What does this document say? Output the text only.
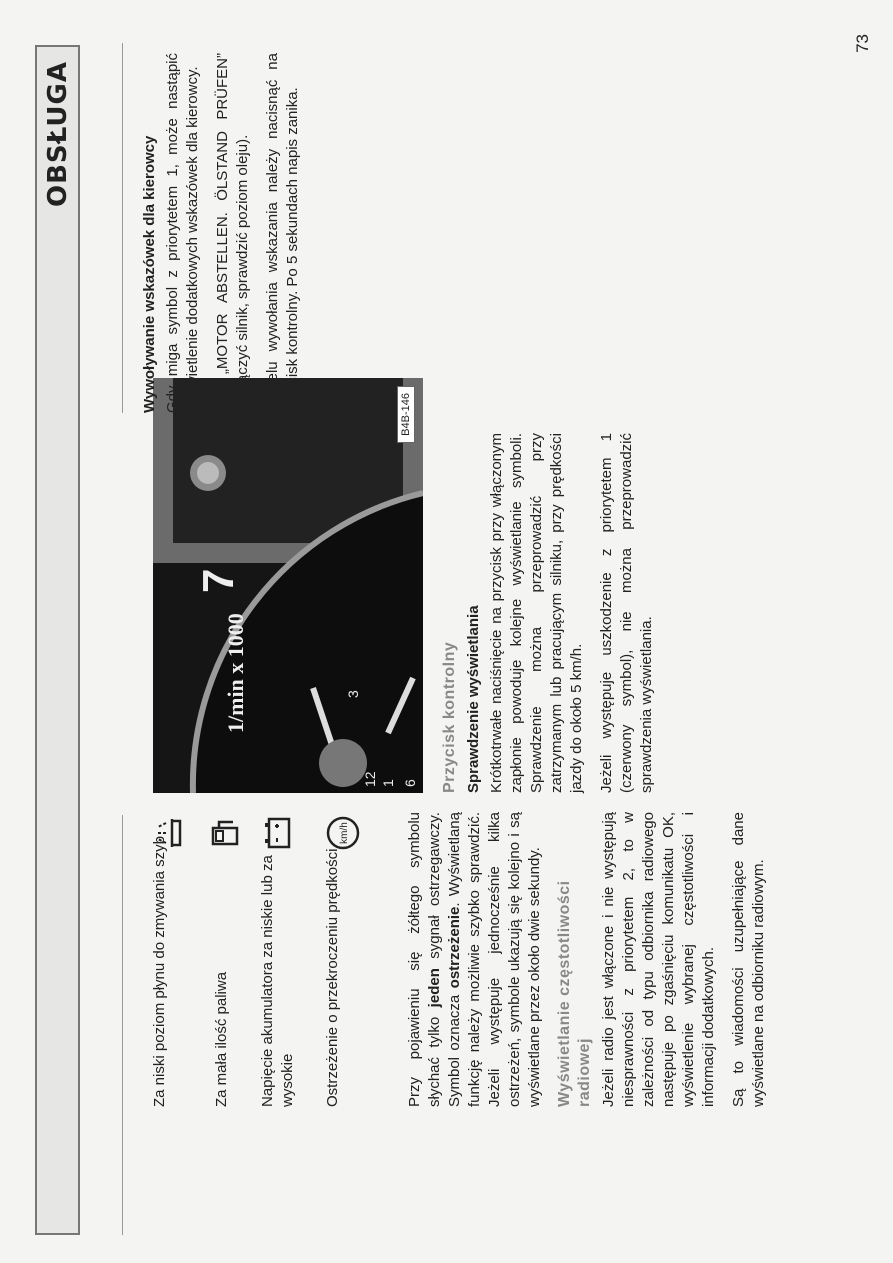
OBSŁUGA
Za niski poziom płynu do zmywania szyb	Za mała ilość paliwa Napięcie akumulatora za niskie lub za wysokie Ostrzeżenie o przekroczeniu prędkości
km/h	Przy pojawieniu się żółtego symbolu słychać tylko jeden sygnał ostrzegawczy. Symbol oznacza ostrzeżenie. Wyświetlaną funkcję należy możliwie szybko sprawdzić. Jeżeli występuje jednocześnie kilka ostrzeżeń, symbole ukazują się kolejno i są wyświetlane przez około dwie sekundy. Wyświetlanie częstotliwości radiowej Jeżeli radio jest włączone i nie występują niesprawności z priorytetem 2, to w zależności od typu odbiornika radiowego następuje po zgaśnięciu komunikatu OK, wyświetlenie wybranej częstotliwości i informacji dodatkowych. Są to wiadomości uzupełniające dane wyświetlane na odbiorniku radiowym.

7
1/min x 1000
6
12 1
3
B4B-146
Przycisk kontrolny Sprawdzenie wyświetlania Krótkotrwałe naciśnięcie na przycisk przy włączonym zapłonie powoduje kolejne wyświetlanie symboli. Sprawdzenie można przeprowadzić przy zatrzymanym lub pracującym silniku, przy prędkości jazdy do około 5 km/h. Jeżeli występuje uszkodzenie z priorytetem 1 (czerwony symbol), nie można przeprowadzić sprawdzenia wyświetlania.

Wywoływanie wskazówek dla kierowcy Gdy miga symbol z priorytetem 1, może nastąpić wyświetlenie dodatkowych wskazówek dla kierowcy. Np.: „MOTOR ABSTELLEN. ÖLSTAND PRÜFEN” (Wyłączyć silnik, sprawdzić poziom oleju). W celu wywołania wskazania należy nacisnąć na przycisk kontrolny. Po 5 sekundach napis zanika.

73
